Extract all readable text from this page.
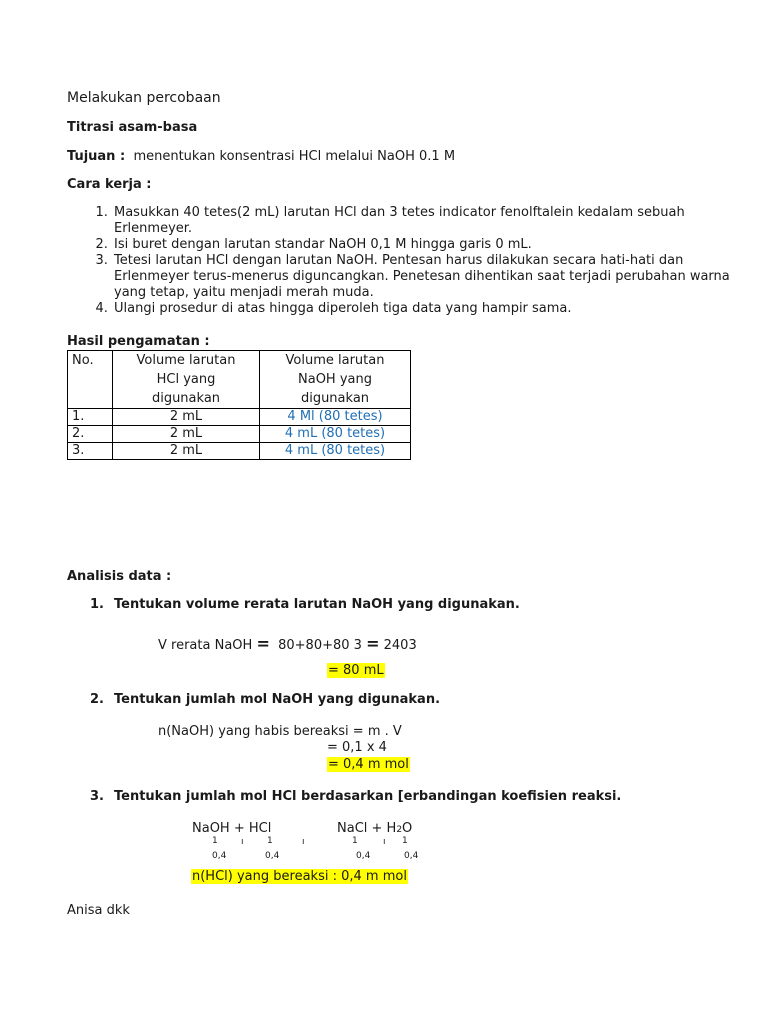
Melakukan percobaan
Titrasi asam-basa
Tujuan : menentukan konsentrasi HCl melalui NaOH 0.1 M
Cara kerja :
1. Masukkan 40 tetes(2 mL) larutan HCl dan 3 tetes indicator fenolftalein kedalam sebuah Erlenmeyer.
2. Isi buret dengan larutan standar NaOH 0,1 M hingga garis 0 mL.
3. Tetesi larutan HCl dengan larutan NaOH. Pentesan harus dilakukan secara hati-hati dan Erlenmeyer terus-menerus diguncangkan. Penetesan dihentikan saat terjadi perubahan warna yang tetap, yaitu menjadi merah muda.
4. Ulangi prosedur di atas hingga diperoleh tiga data yang hampir sama.
Hasil pengamatan :
No.	Volume larutan HCl yang digunakan	Volume larutan NaOH yang digunakan

1.	2 mL	4 Ml (80 tetes)
2.	2 mL	4 mL (80 tetes)
3.	2 mL	4 mL (80 tetes)
Analisis data :
1. Tentukan volume rerata larutan NaOH yang digunakan.
V rerata NaOH = 80+80+80 3 = 2403
= 80 mL
2. Tentukan jumlah mol NaOH yang digunakan.
n(NaOH) yang habis bereaksi = m . V
= 0,1 x 4
= 0,4 m mol
3. Tentukan jumlah mol HCl berdasarkan [erbandingan koefisien reaksi.
NaOH + HCl	NaCl + H2O
1	ı	1	ı	1	ı 1
0,4	0,4	0,4	0,4
n(HCl) yang bereaksi : 0,4 m mol
Anisa dkk
